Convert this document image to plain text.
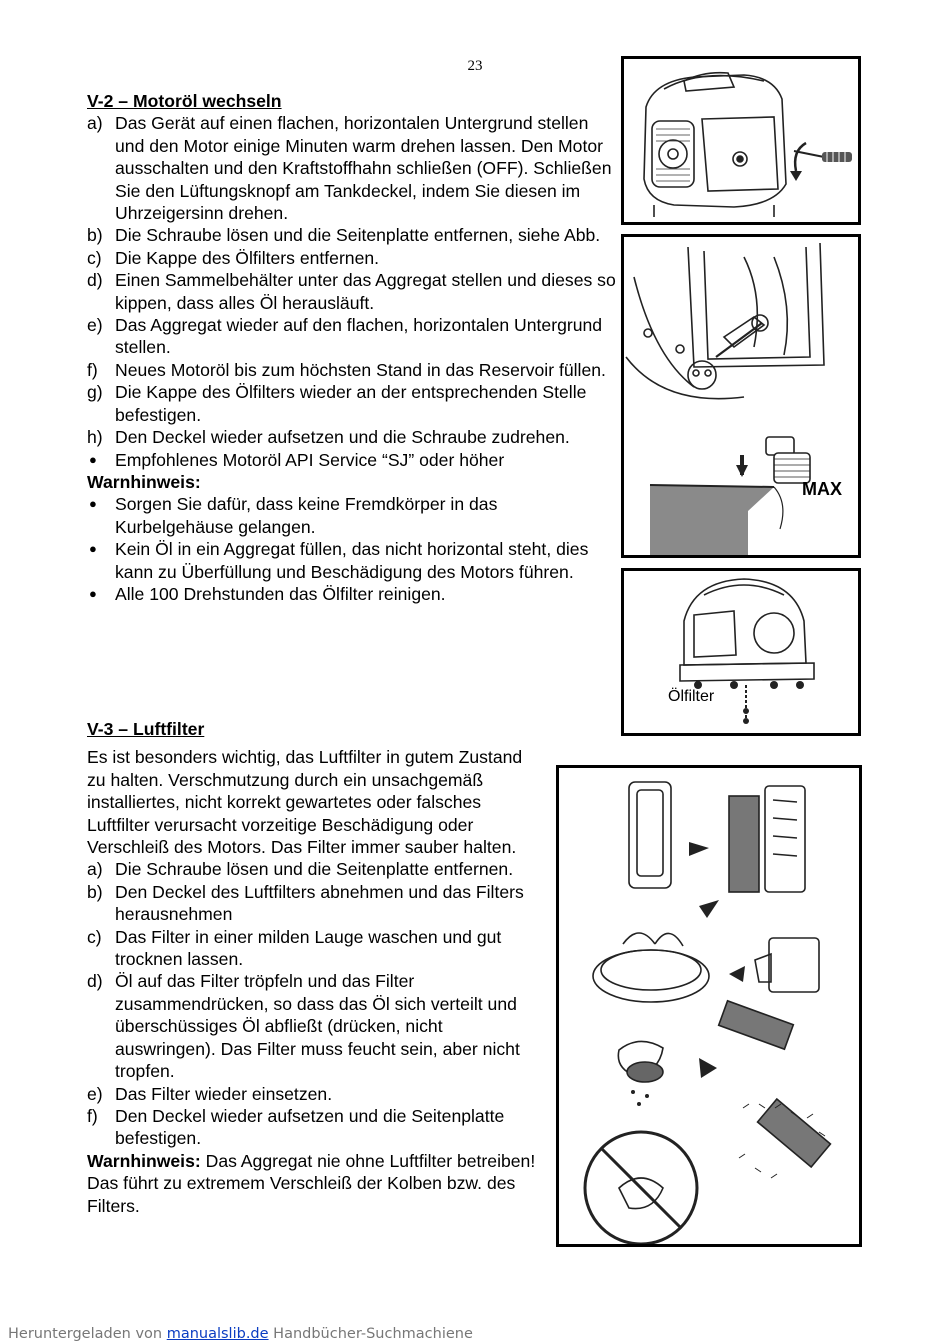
23
V-2 – Motoröl wechseln
a) Das Gerät auf einen flachen, horizontalen Untergrund stellen und den Motor einige Minuten warm drehen lassen. Den Motor ausschalten und den Kraftstoffhahn schließen (OFF). Schließen Sie den Lüftungsknopf am Tankdeckel, indem Sie diesen im Uhrzeigersinn drehen.
b) Die Schraube lösen und die Seitenplatte entfernen, siehe Abb.
c) Die Kappe des Ölfilters entfernen.
d) Einen Sammelbehälter unter das Aggregat stellen und dieses so kippen, dass alles Öl herausläuft.
e) Das Aggregat wieder auf den flachen, horizontalen Untergrund stellen.
f) Neues Motoröl bis zum höchsten Stand in das Reservoir füllen.
g) Die Kappe des Ölfilters wieder an der entsprechenden Stelle befestigen.
h) Den Deckel wieder aufsetzen und die Schraube zudrehen.
●	Empfohlenes Motoröl API Service “SJ” oder höher
Warnhinweis:
●	Sorgen Sie dafür, dass keine Fremdkörper in das Kurbelgehäuse gelangen.
●	Kein Öl in ein Aggregat füllen, das nicht horizontal steht, dies kann zu Überfüllung und Beschädigung des Motors führen.
●	Alle 100 Drehstunden das Ölfilter reinigen.
V-3 – Luftfilter
Es ist besonders wichtig, das Luftfilter in gutem Zustand zu halten. Verschmutzung durch ein unsachgemäß installiertes, nicht korrekt gewartetes oder falsches Luftfilter verursacht vorzeitige Beschädigung oder Verschleiß des Motors. Das Filter immer sauber halten.
a) Die Schraube lösen und die Seitenplatte entfernen.
b) Den Deckel des Luftfilters abnehmen und das Filters herausnehmen
c) Das Filter in einer milden Lauge waschen und gut trocknen lassen.
d) Öl auf das Filter tröpfeln und das Filter zusammendrücken, so dass das Öl sich verteilt und überschüssiges Öl abfließt (drücken, nicht auswringen). Das Filter muss feucht sein, aber nicht tropfen.
e) Das Filter wieder einsetzen.
f) Den Deckel wieder aufsetzen und die Seitenplatte befestigen.
Warnhinweis: Das Aggregat nie ohne Luftfilter betreiben! Das führt zu extremem Verschleiß der Kolben bzw. des Filters.
MAX
Ölfilter
Heruntergeladen von manualslib.de Handbücher-Suchmachiene
